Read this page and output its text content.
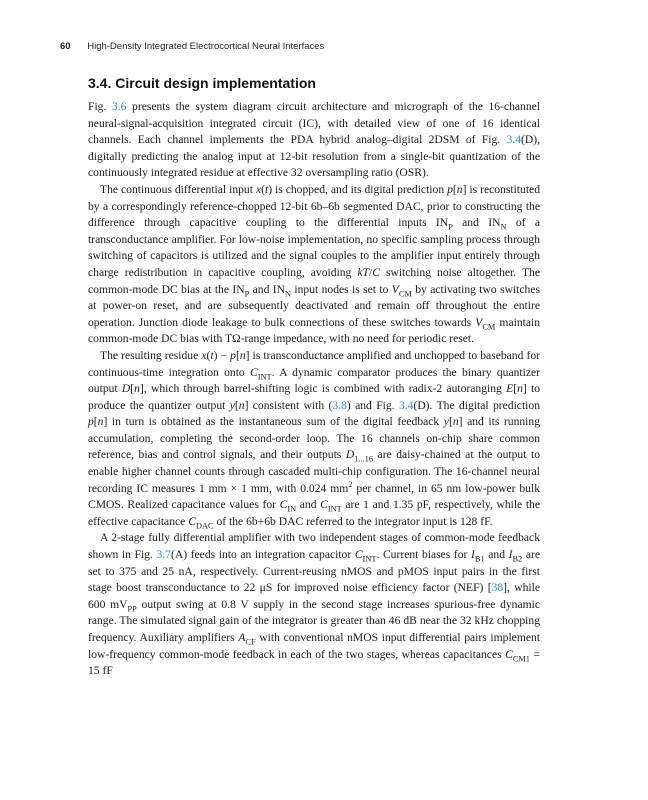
60 High-Density Integrated Electrocortical Neural Interfaces
3.4. Circuit design implementation

Fig. 3.6 presents the system diagram circuit architecture and micrograph of the 16-channel neural-signal-acquisition integrated circuit (IC), with detailed view of one of 16 identical channels. Each channel implements the PDA hybrid analog–digital 2DSM of Fig. 3.4(D), digitally predicting the analog input at 12-bit resolution from a single-bit quantization of the continuously integrated residue at effective 32 oversampling ratio (OSR).

The continuous differential input x(t) is chopped, and its digital prediction p[n] is reconstituted by a correspondingly reference-chopped 12-bit 6b–6b segmented DAC, prior to constructing the difference through capacitive coupling to the differential inputs $IN_P$ and $IN_N$ of a transconductance amplifier. For low-noise implementation, no specific sampling process through switching of capacitors is utilized and the signal couples to the amplifier input entirely through charge redistribution in capacitive coupling, avoiding kT/C switching noise altogether. The common-mode DC bias at the $IN_P$ and $IN_N$ input nodes is set to $V_{CM}$ by activating two switches at power-on reset, and are subsequently deactivated and remain off throughout the entire operation. Junction diode leakage to bulk connections of these switches towards $V_{CM}$ maintain common-mode DC bias with TΩ-range impedance, with no need for periodic reset.

The resulting residue x(t) − p[n] is transconductance amplified and unchopped to baseband for continuous-time integration onto $C_{INT}$. A dynamic comparator produces the binary quantizer output D[n], which through barrel-shifting logic is combined with radix-2 autoranging E[n] to produce the quantizer output y[n] consistent with (3.8) and Fig. 3.4(D). The digital prediction p[n] in turn is obtained as the instantaneous sum of the digital feedback y[n] and its running accumulation, completing the second-order loop. The 16 channels on-chip share common reference, bias and control signals, and their outputs $D_{1...16}$ are daisy-chained at the output to enable higher channel counts through cascaded multi-chip configuration. The 16-channel neural recording IC measures 1 mm × 1 mm, with 0.024 $mm^2$ per channel, in 65 nm low-power bulk CMOS. Realized capacitance values for $C_{IN}$ and $C_{INT}$ are 1 and 1.35 pF, respectively, while the effective capacitance $C_{DAC}$ of the 6b+6b DAC referred to the integrator input is 128 fF.

A 2-stage fully differential amplifier with two independent stages of common-mode feedback shown in Fig. 3.7(A) feeds into an integration capacitor $C_{INT}$. Current biases for $I_{B1}$ and $I_{B2}$ are set to 375 and 25 nA, respectively. Current-reusing nMOS and pMOS input pairs in the first stage boost transconductance to 22 μS for improved noise efficiency factor (NEF) [38], while 600 $mV_{PP}$ output swing at 0.8 V supply in the second stage increases spurious-free dynamic range. The simulated signal gain of the integrator is greater than 46 dB near the 32 kHz chopping frequency. Auxiliary amplifiers $A_{CF}$ with conventional nMOS input differential pairs implement low-frequency common-mode feedback in each of the two stages, whereas capacitances $C_{CM1} = 15$ fF
